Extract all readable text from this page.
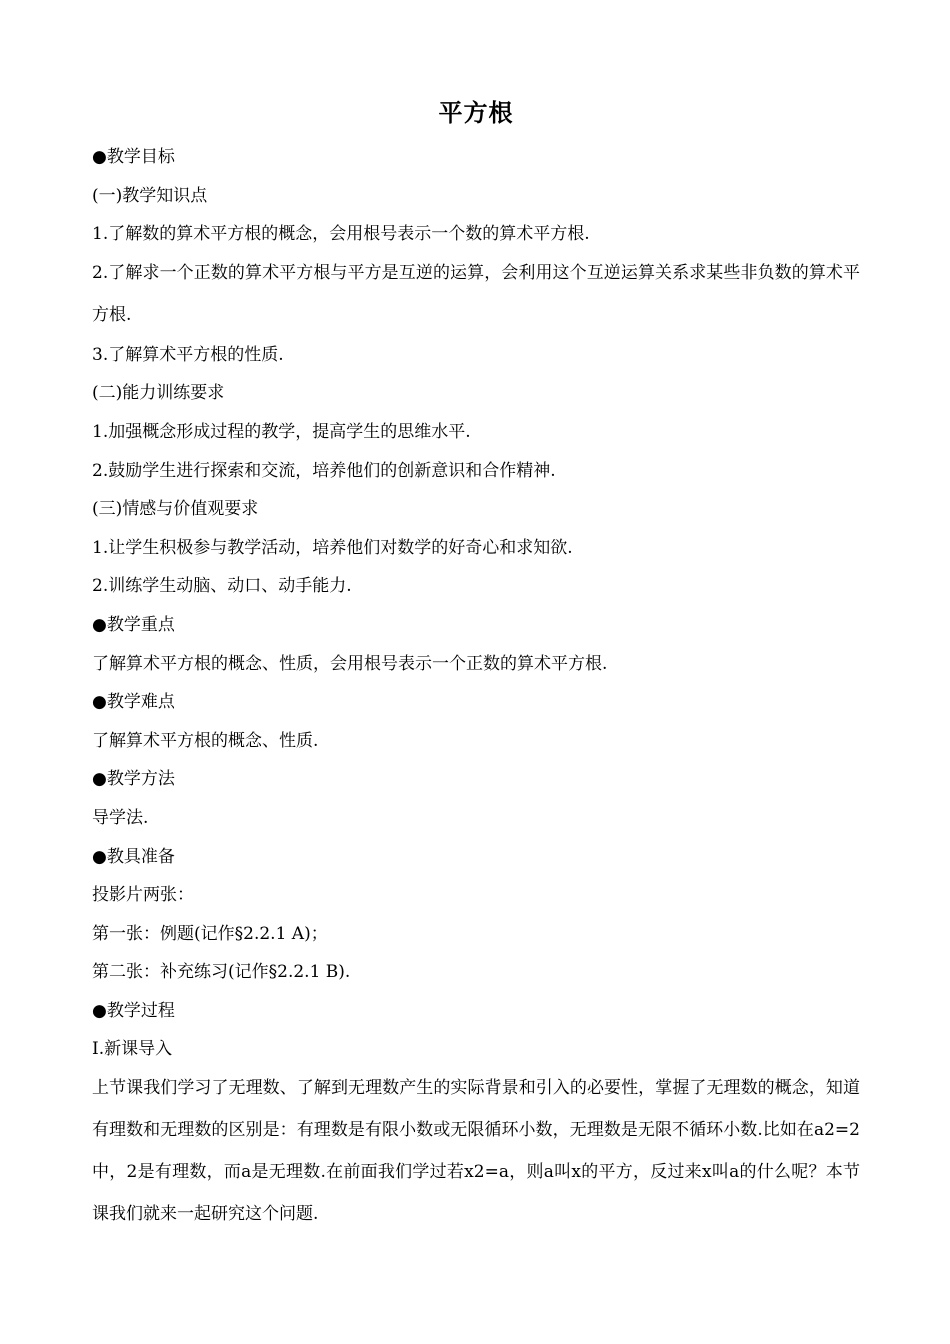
平方根

●教学目标

(一)教学知识点

1.了解数的算术平方根的概念，会用根号表示一个数的算术平方根.

2.了解求一个正数的算术平方根与平方是互逆的运算，会利用这个互逆运算关系求某些非负数的算术平方根.

3.了解算术平方根的性质.

(二)能力训练要求

1.加强概念形成过程的教学，提高学生的思维水平.

2.鼓励学生进行探索和交流，培养他们的创新意识和合作精神.

(三)情感与价值观要求

1.让学生积极参与教学活动，培养他们对数学的好奇心和求知欲.

2.训练学生动脑、动口、动手能力.

●教学重点

了解算术平方根的概念、性质，会用根号表示一个正数的算术平方根.

●教学难点

了解算术平方根的概念、性质.

●教学方法

导学法.

●教具准备

投影片两张：

第一张：例题(记作§2.2.1 A)；

第二张：补充练习(记作§2.2.1 B).

●教学过程

Ⅰ.新课导入

上节课我们学习了无理数、了解到无理数产生的实际背景和引入的必要性，掌握了无理数的概念，知道有理数和无理数的区别是：有理数是有限小数或无限循环小数，无理数是无限不循环小数.比如在a2=2中，2是有理数，而a是无理数.在前面我们学过若x2=a，则a叫x的平方，反过来x叫a的什么呢？本节课我们就来一起研究这个问题.
